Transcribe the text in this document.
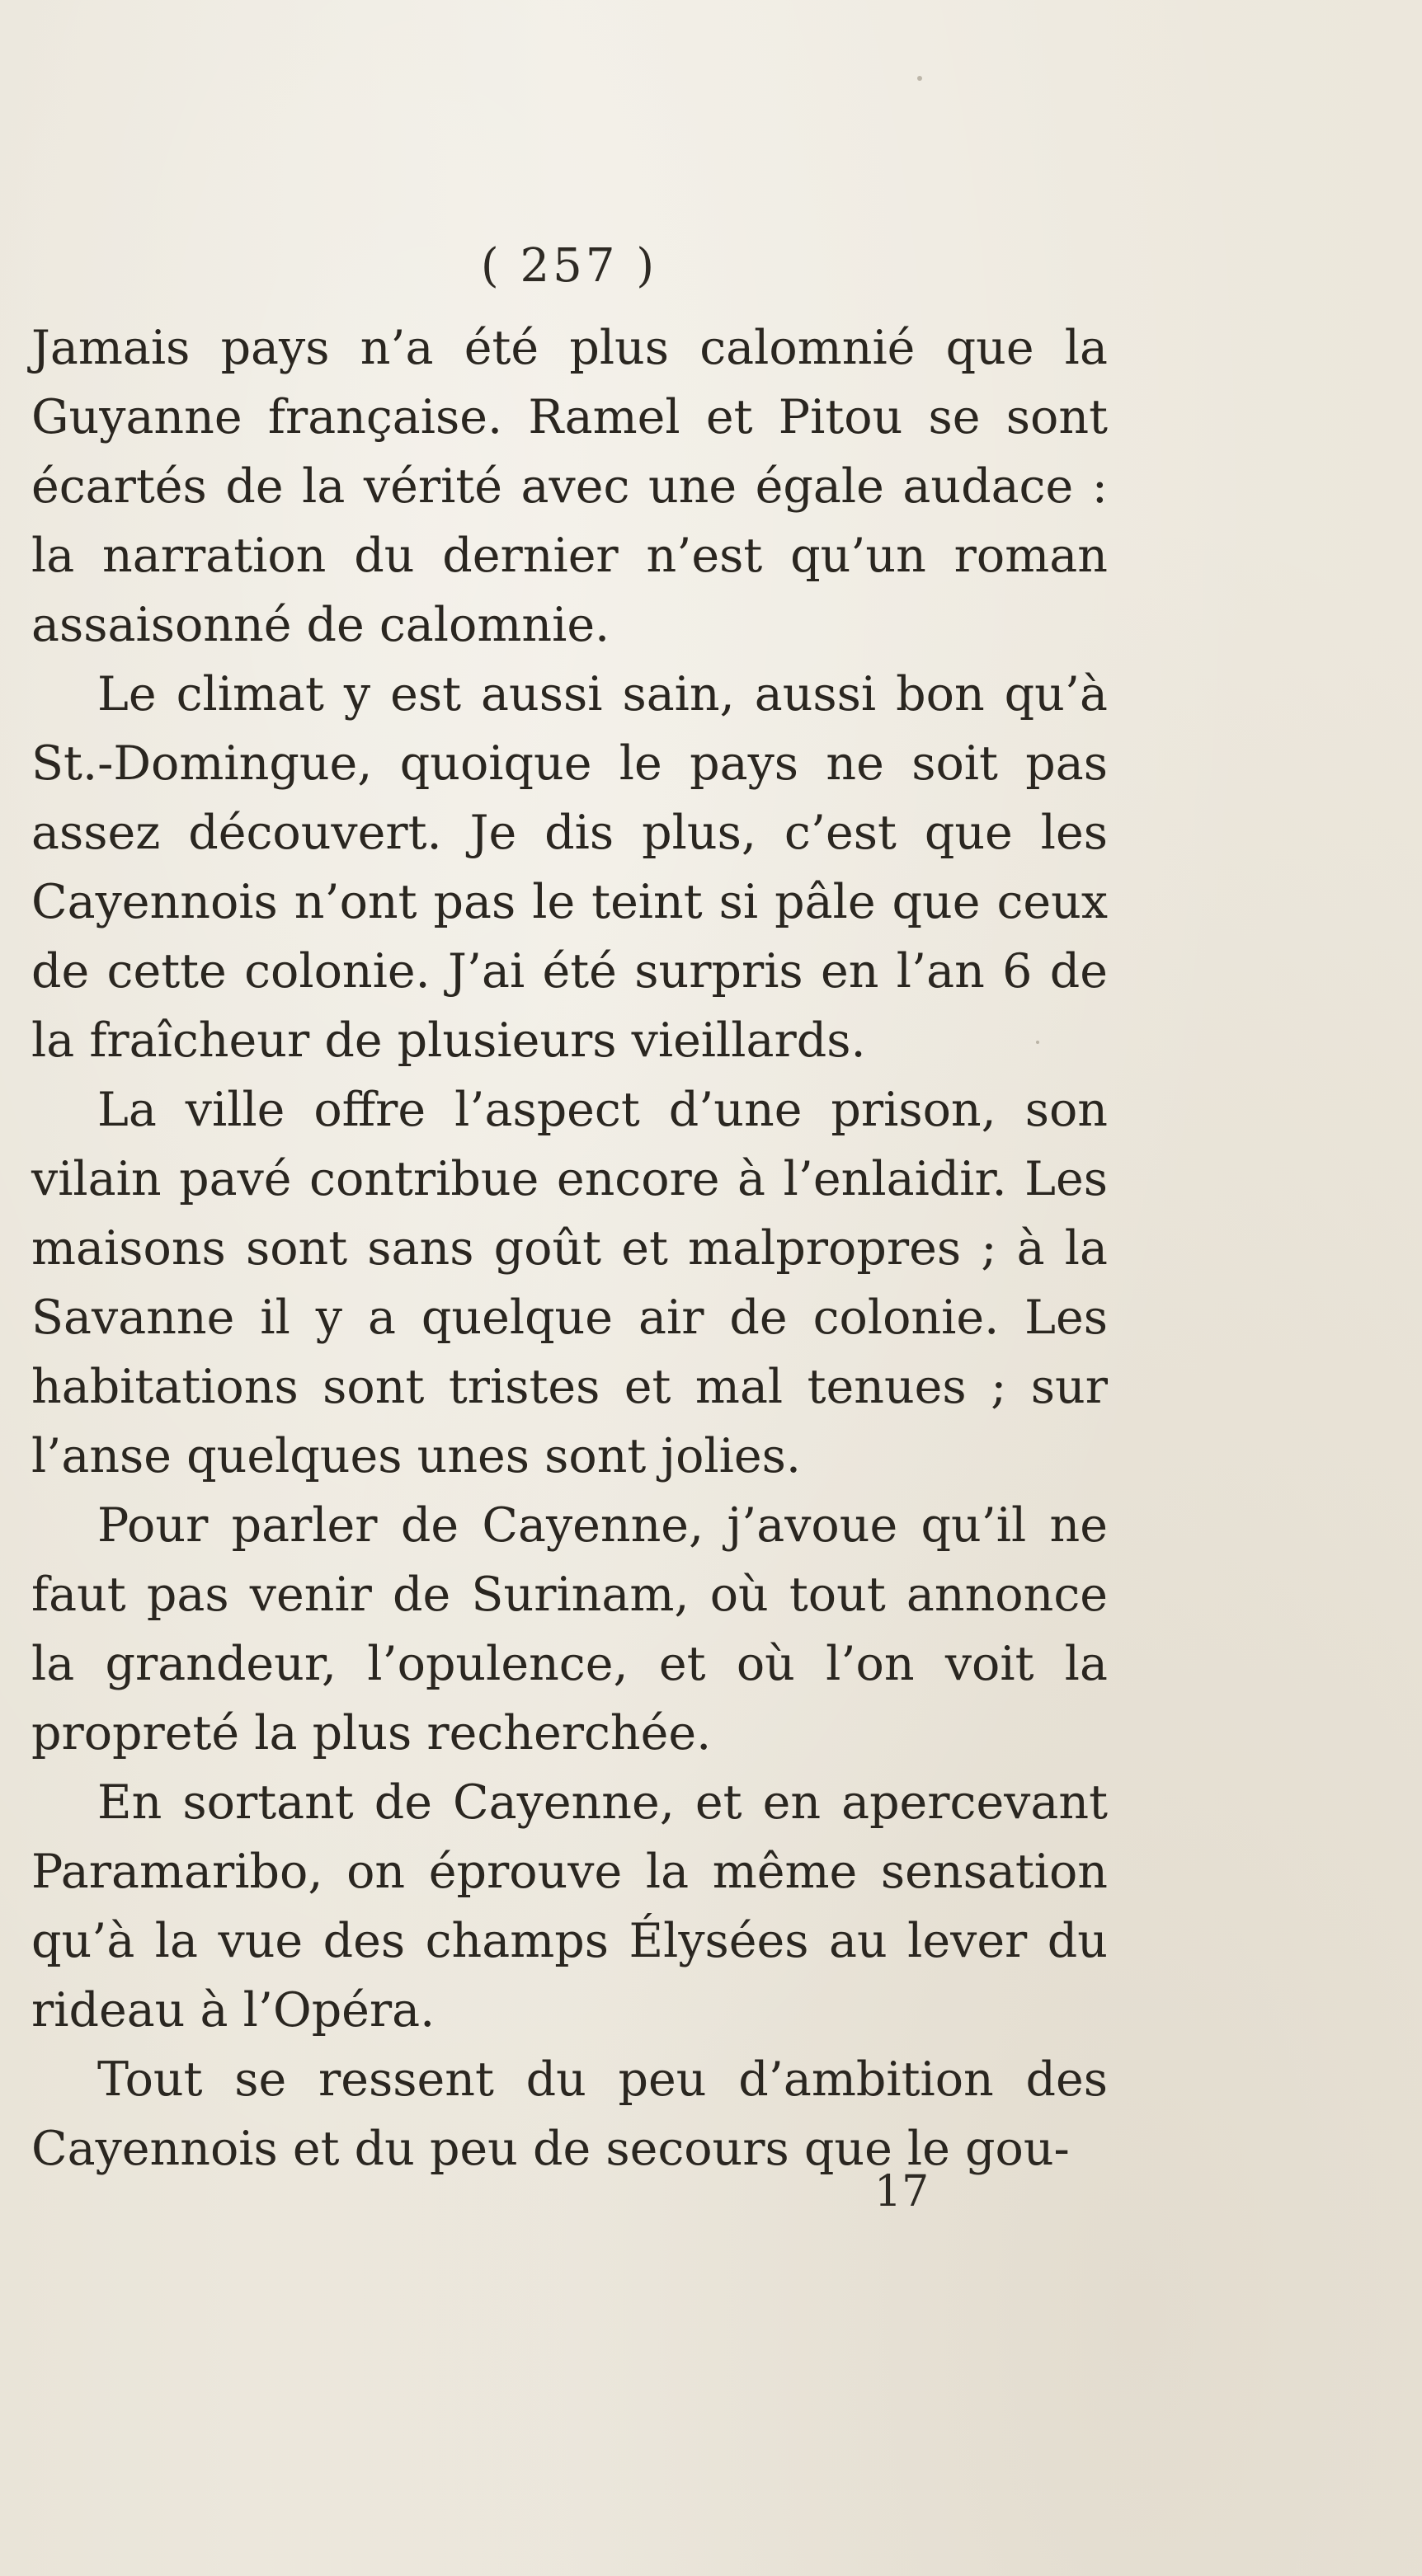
( 257 )

Jamais pays n’a été plus calomnié que la Guyanne française. Ramel et Pitou se sont écartés de la vérité avec une égale audace : la narration du dernier n’est qu’un roman assaisonné de calomnie.

Le climat y est aussi sain, aussi bon qu’à St.-Domingue, quoique le pays ne soit pas assez découvert. Je dis plus, c’est que les Cayennois n’ont pas le teint si pâle que ceux de cette colonie. J’ai été surpris en l’an 6 de la fraîcheur de plusieurs vieillards.

La ville offre l’aspect d’une prison, son vilain pavé contribue encore à l’enlaidir. Les maisons sont sans goût et malpropres ; à la Savanne il y a quelque air de colonie. Les habitations sont tristes et mal tenues ; sur l’anse quelques unes sont jolies.

Pour parler de Cayenne, j’avoue qu’il ne faut pas venir de Surinam, où tout annonce la grandeur, l’opulence, et où l’on voit la propreté la plus recherchée.

En sortant de Cayenne, et en apercevant Paramaribo, on éprouve la même sensation qu’à la vue des champs Élysées au lever du rideau à l’Opéra.

Tout se ressent du peu d’ambition des Cayennois et du peu de secours que le gou-

17
